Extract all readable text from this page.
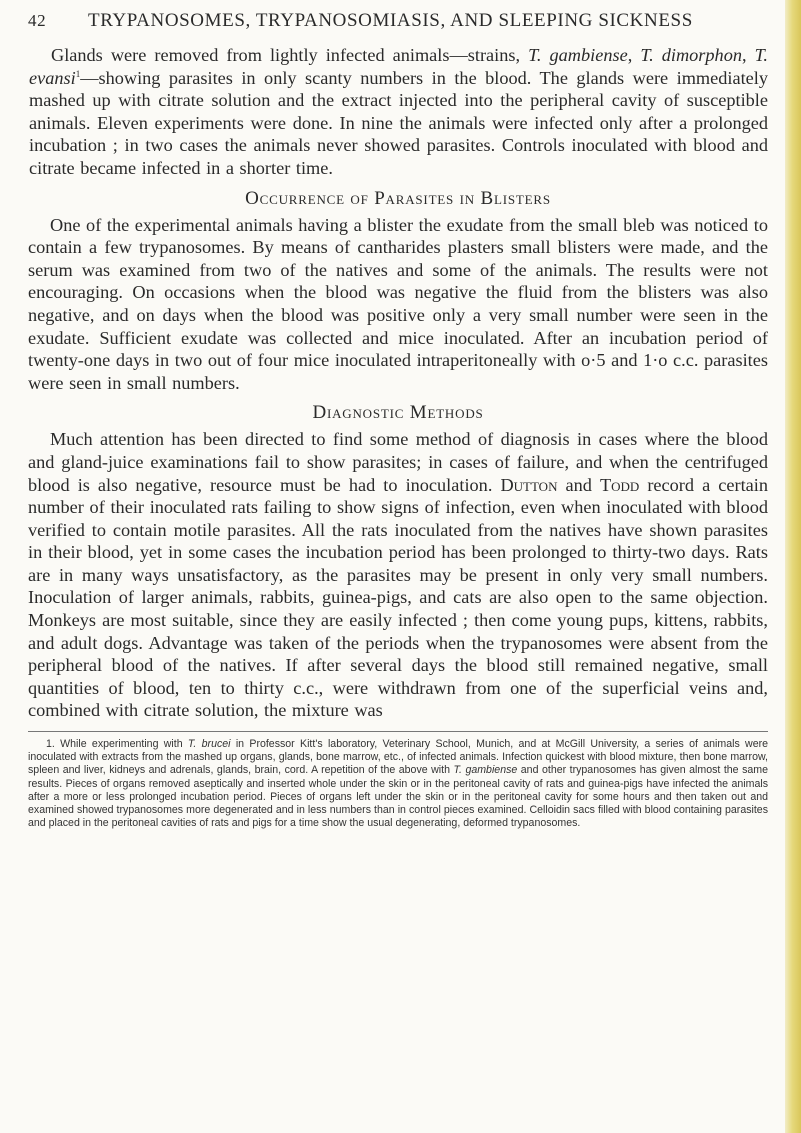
42	TRYPANOSOMES, TRYPANOSOMIASIS, AND SLEEPING SICKNESS

Glands were removed from lightly infected animals—strains, T. gambiense, T. dimorphon, T. evansi$^1$—showing parasites in only scanty numbers in the blood. The glands were immediately mashed up with citrate solution and the extract injected into the peripheral cavity of susceptible animals. Eleven experiments were done. In nine the animals were infected only after a prolonged incubation ; in two cases the animals never showed parasites. Controls inoculated with blood and citrate became infected in a shorter time.

Occurrence of Parasites in Blisters

One of the experimental animals having a blister the exudate from the small bleb was noticed to contain a few trypanosomes. By means of cantharides plasters small blisters were made, and the serum was examined from two of the natives and some of the animals. The results were not encouraging. On occasions when the blood was negative the fluid from the blisters was also negative, and on days when the blood was positive only a very small number were seen in the exudate. Sufficient exudate was collected and mice inoculated. After an incubation period of twenty-one days in two out of four mice inoculated intraperitoneally with o·5 and 1·o c.c. parasites were seen in small numbers.

Diagnostic Methods

Much attention has been directed to find some method of diagnosis in cases where the blood and gland-juice examinations fail to show parasites; in cases of failure, and when the centrifuged blood is also negative, resource must be had to inoculation. Dutton and Todd record a certain number of their inoculated rats failing to show signs of infection, even when inoculated with blood verified to contain motile parasites. All the rats inoculated from the natives have shown parasites in their blood, yet in some cases the incubation period has been prolonged to thirty-two days. Rats are in many ways unsatisfactory, as the parasites may be present in only very small numbers. Inoculation of larger animals, rabbits, guinea-pigs, and cats are also open to the same objection. Monkeys are most suitable, since they are easily infected ; then come young pups, kittens, rabbits, and adult dogs. Advantage was taken of the periods when the trypanosomes were absent from the peripheral blood of the natives. If after several days the blood still remained negative, small quantities of blood, ten to thirty c.c., were withdrawn from one of the superficial veins and, combined with citrate solution, the mixture was

1. While experimenting with T. brucei in Professor Kitt's laboratory, Veterinary School, Munich, and at McGill University, a series of animals were inoculated with extracts from the mashed up organs, glands, bone marrow, etc., of infected animals. Infection quickest with blood mixture, then bone marrow, spleen and liver, kidneys and adrenals, glands, brain, cord. A repetition of the above with T. gambiense and other trypanosomes has given almost the same results. Pieces of organs removed aseptically and inserted whole under the skin or in the peritoneal cavity of rats and guinea-pigs have infected the animals after a more or less prolonged incubation period. Pieces of organs left under the skin or in the peritoneal cavity for some hours and then taken out and examined showed trypanosomes more degenerated and in less numbers than in control pieces examined. Celloidin sacs filled with blood containing parasites and placed in the peritoneal cavities of rats and pigs for a time show the usual degenerating, deformed trypanosomes.
